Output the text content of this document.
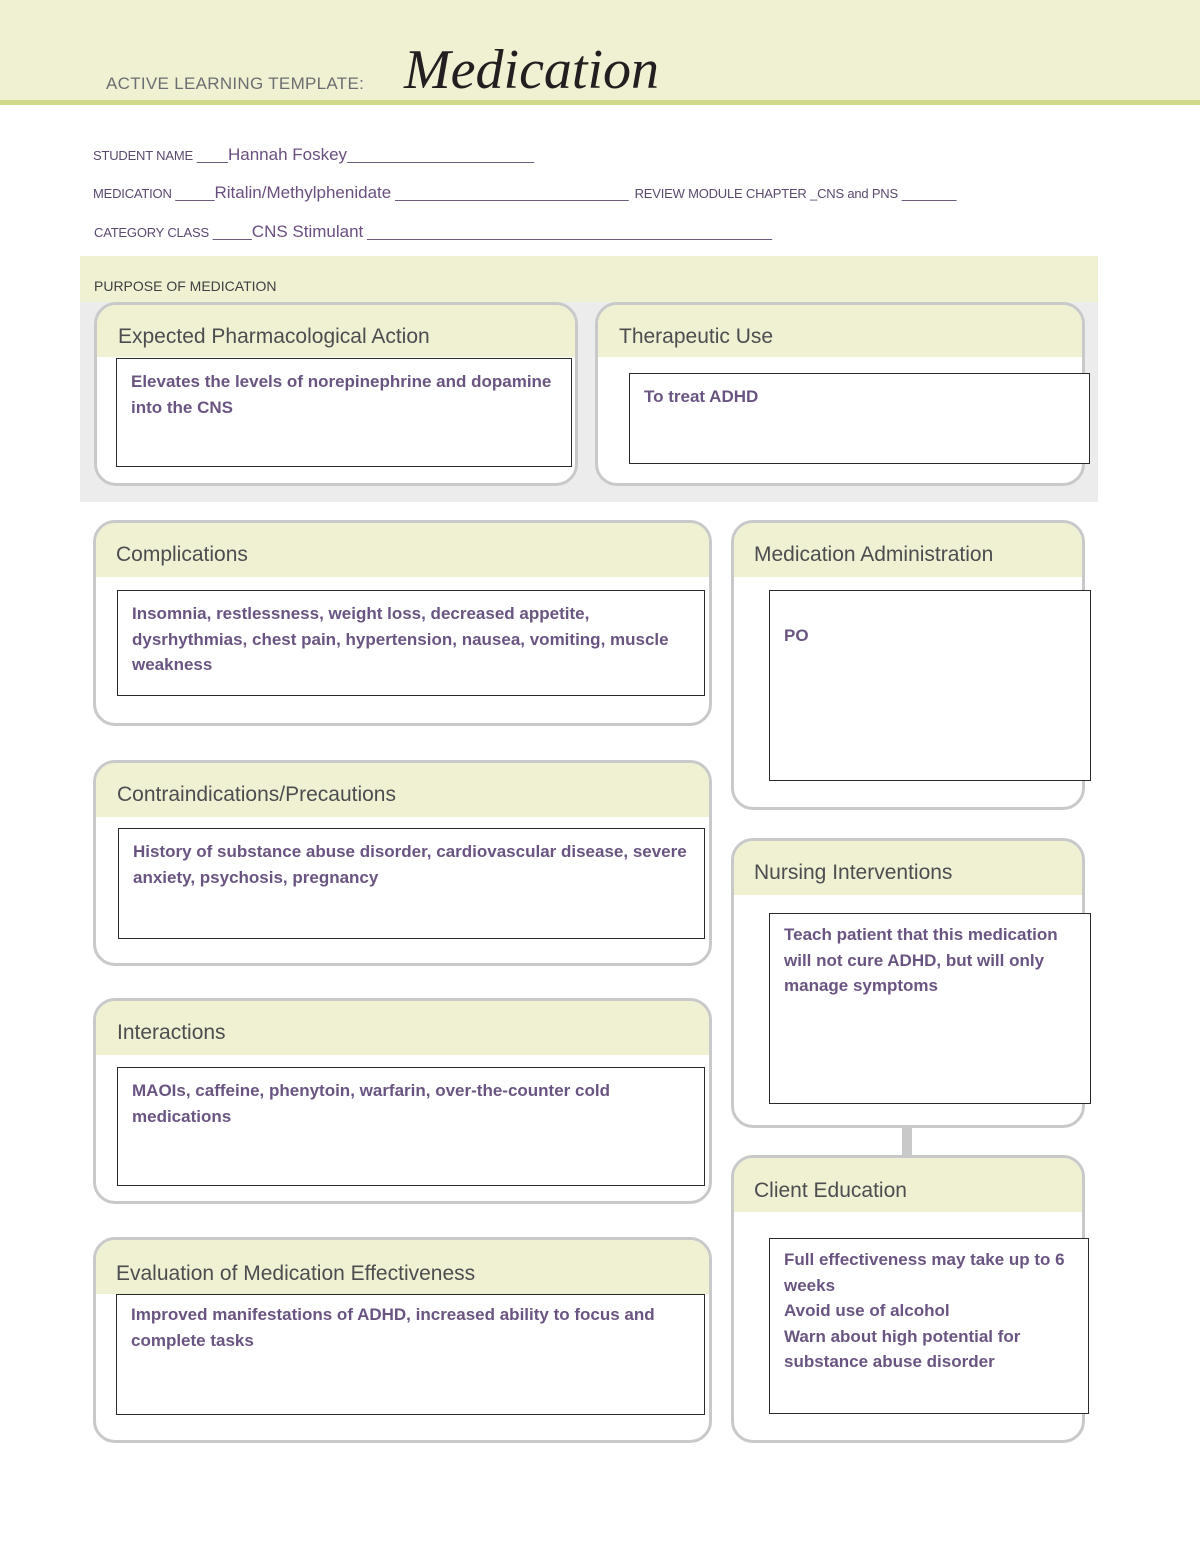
ACTIVE LEARNING TEMPLATE: Medication
STUDENT NAME ____Hannah Foskey________________________
MEDICATION _____Ritalin/Methylphenidate ______________________________ REVIEW MODULE CHAPTER _CNS and PNS _______
CATEGORY CLASS _____CNS Stimulant ____________________________________________________
PURPOSE OF MEDICATION
Expected Pharmacological Action

Elevates the levels of norepinephrine and dopamine into the CNS

Therapeutic Use

To treat ADHD

Complications

Insomnia, restlessness, weight loss, decreased appetite, dysrhythmias, chest pain, hypertension, nausea, vomiting, muscle weakness

Medication Administration

PO

Contraindications/Precautions

History of substance abuse disorder, cardiovascular disease, severe anxiety, psychosis, pregnancy	Nursing Interventions

Teach patient that this medication will not cure ADHD, but will only manage symptoms

Interactions

MAOIs, caffeine, phenytoin, warfarin, over-the-counter cold medications

Client Education

Full effectiveness may take up to 6 weeks

Avoid use of alcohol

Warn about high potential for substance abuse disorder

Evaluation of Medication Effectiveness

Improved manifestations of ADHD, increased ability to focus and complete tasks
